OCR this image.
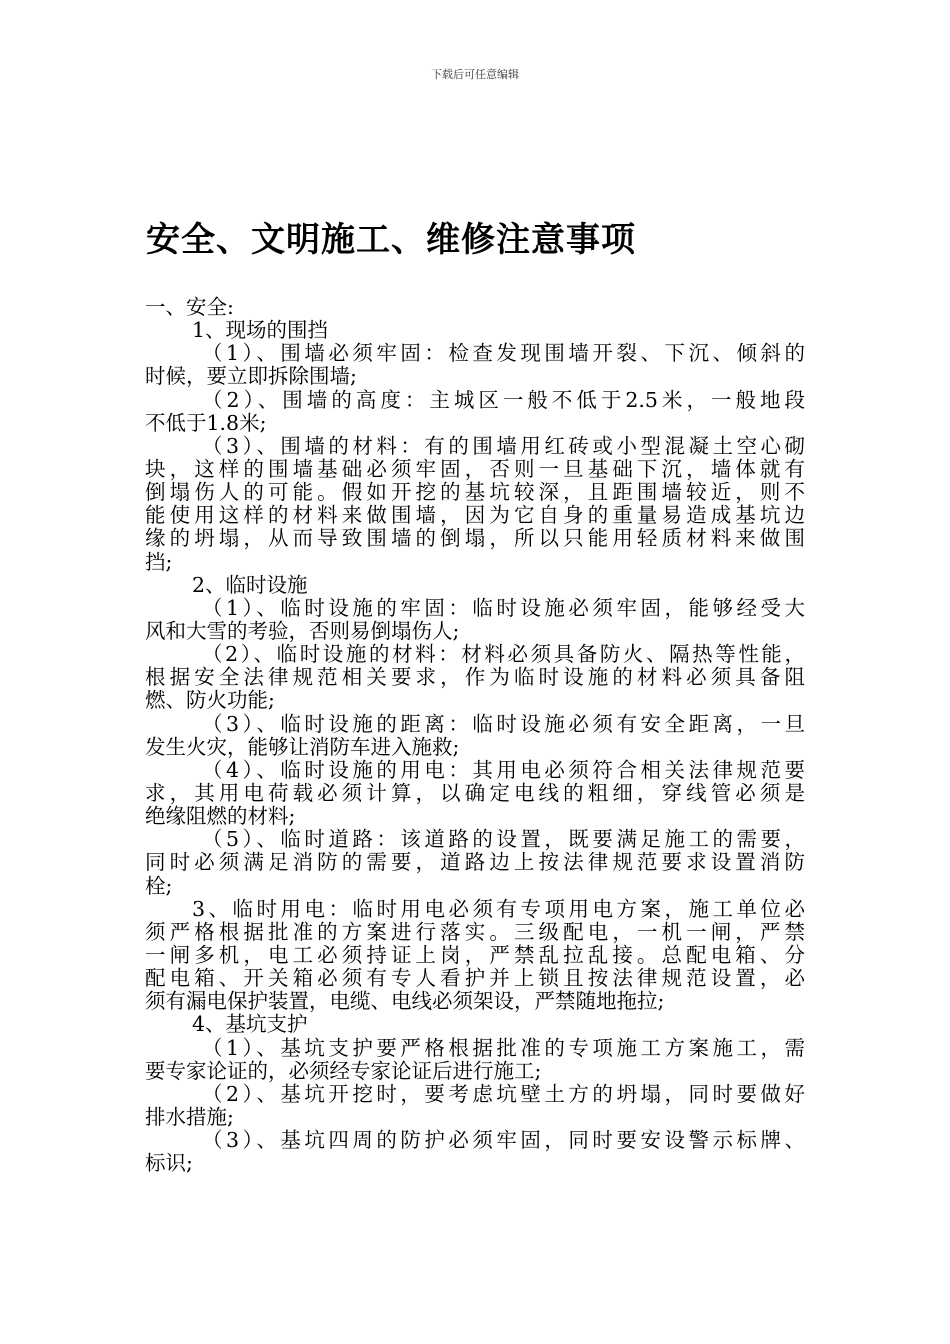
下载后可任意编辑
安全、文明施工、维修注意事项
一、安全:
1、现场的围挡
（1）、围墙必须牢固：检查发现围墙开裂、下沉、倾斜的
时候，要立即拆除围墙;
（2）、围墙的高度：主城区一般不低于2.5米，一般地段
不低于1.8米;
（3）、围墙的材料：有的围墙用红砖或小型混凝土空心砌
块，这样的围墙基础必须牢固，否则一旦基础下沉，墙体就有
倒塌伤人的可能。假如开挖的基坑较深，且距围墙较近，则不
能使用这样的材料来做围墙，因为它自身的重量易造成基坑边
缘的坍塌，从而导致围墙的倒塌，所以只能用轻质材料来做围
挡;
2、临时设施
（1）、临时设施的牢固：临时设施必须牢固，能够经受大
风和大雪的考验，否则易倒塌伤人;
（2）、临时设施的材料：材料必须具备防火、隔热等性能，
根据安全法律规范相关要求，作为临时设施的材料必须具备阻
燃、防火功能;
（3）、临时设施的距离：临时设施必须有安全距离，一旦
发生火灾，能够让消防车进入施救;
（4）、临时设施的用电：其用电必须符合相关法律规范要
求，其用电荷载必须计算，以确定电线的粗细，穿线管必须是
绝缘阻燃的材料;
（5）、临时道路：该道路的设置，既要满足施工的需要，
同时必须满足消防的需要，道路边上按法律规范要求设置消防
栓;
3、临时用电：临时用电必须有专项用电方案，施工单位必
须严格根据批准的方案进行落实。三级配电，一机一闸，严禁
一闸多机，电工必须持证上岗，严禁乱拉乱接。总配电箱、分
配电箱、开关箱必须有专人看护并上锁且按法律规范设置，必
须有漏电保护装置，电缆、电线必须架设，严禁随地拖拉;
4、基坑支护
（1）、基坑支护要严格根据批准的专项施工方案施工，需
要专家论证的，必须经专家论证后进行施工;
（2）、基坑开挖时，要考虑坑壁土方的坍塌，同时要做好
排水措施;
（3）、基坑四周的防护必须牢固，同时要安设警示标牌、
标识;
